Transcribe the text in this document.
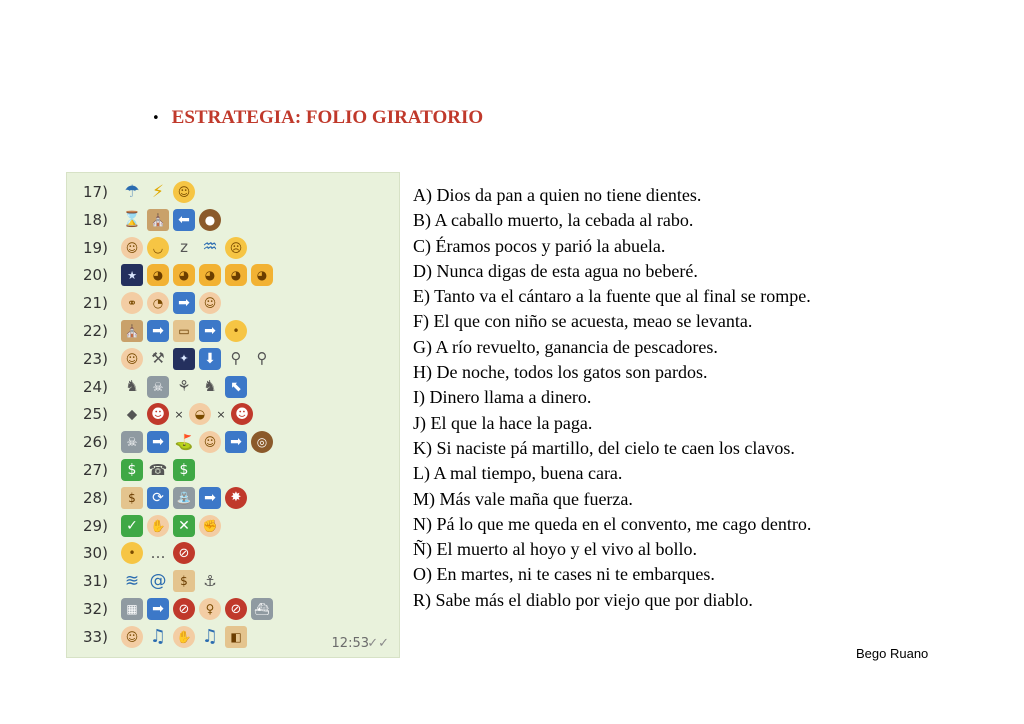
• ESTRATEGIA: FOLIO GIRATORIO
17) ☂ ⚡	☺
18) ⌛ ⛪ ⬅	●
19)	☺	◡	z ♒	☹
20)	★	◕	◕	◕	◕	◕
21)	⚭	◔	➡	☺
22)	⛪ ➡	▭	➡	•
23)	☺ ⚒	✦	⬇ ⚲	⚲
24)	♞	☠ ⚘ ♞ ⬉
25)	⬥	☻ × ◒	× ☻
26)	☠	➡ ⛳ ☺ ➡	◎
27)	$ ☎ $
28)	$	⟳	⛲ ➡	✸
29)	✓	✋ ✕	✊
30)	• …	⊘
31) ≋ @	$	⚓
32)	▦	➡	⊘	♀	⊘	⛴
33)	☺ ♫ ✋ ♫	◧	12:53
✓✓
A) Dios da pan a quien no tiene dientes.
B) A caballo muerto, la cebada al rabo.
C) Éramos pocos y parió la abuela.
D) Nunca digas de esta agua no beberé.
E) Tanto va el cántaro a la fuente que al final se rompe.
F) El que con niño se acuesta, meao se levanta.
G) A río revuelto, ganancia de pescadores.
H) De noche, todos los gatos son pardos.
I) Dinero llama a dinero.
J) El que la hace la paga.
K) Si naciste pá martillo, del cielo te caen los clavos.
L) A mal tiempo, buena cara.
M) Más vale maña que fuerza.
N) Pá lo que me queda en el convento, me cago dentro.
Ñ) El muerto al hoyo y el vivo al bollo.
O) En martes, ni te cases ni te embarques.
R) Sabe más el diablo por viejo que por diablo.
Bego Ruano
